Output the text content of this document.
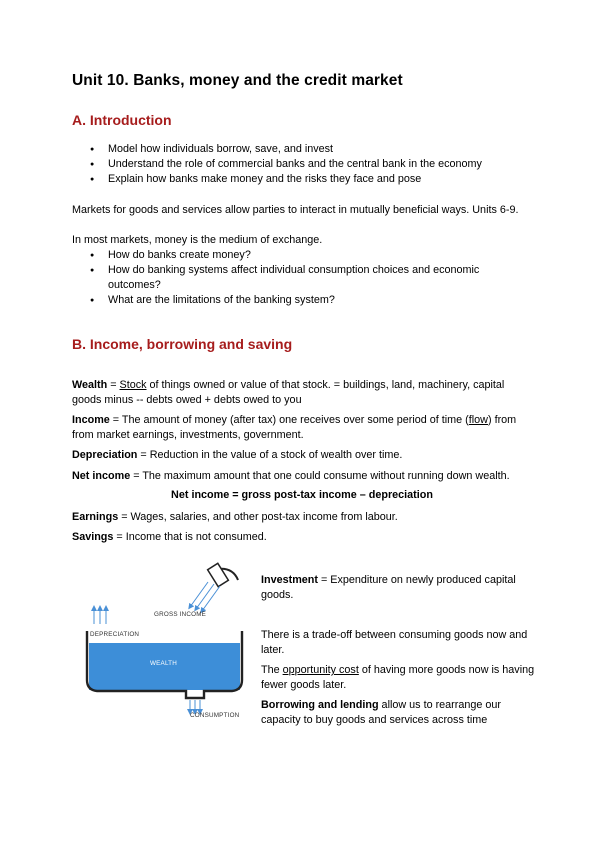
Unit 10. Banks, money and the credit market
A. Introduction
● Model how individuals borrow, save, and invest
● Understand the role of commercial banks and the central bank in the economy
● Explain how banks make money and the risks they face and pose
Markets for goods and services allow parties to interact in mutually beneficial ways. Units 6-9.
In most markets, money is the medium of exchange.
● How do banks create money?
● How do banking systems affect individual consumption choices and economic outcomes?
● What are the limitations of the banking system?
B. Income, borrowing and saving
Wealth = Stock of things owned or value of that stock. = buildings, land, machinery, capital goods minus -- debts owed + debts owed to you
Income = The amount of money (after tax) one receives over some period of time (flow) from from market earnings, investments, government.
Depreciation = Reduction in the value of a stock of wealth over time.
Net income = The maximum amount that one could consume without running down wealth.
Net income = gross post-tax income – depreciation
Earnings = Wages, salaries, and other post-tax income from labour.
Savings = Income that is not consumed.
GROSS INCOME
DEPRECIATION
WEALTH
CONSUMPTION
Investment = Expenditure on newly produced capital goods.
There is a trade-off between consuming goods now and later.
The opportunity cost of having more goods now is having fewer goods later.
Borrowing and lending allow us to rearrange our capacity to buy goods and services across time
